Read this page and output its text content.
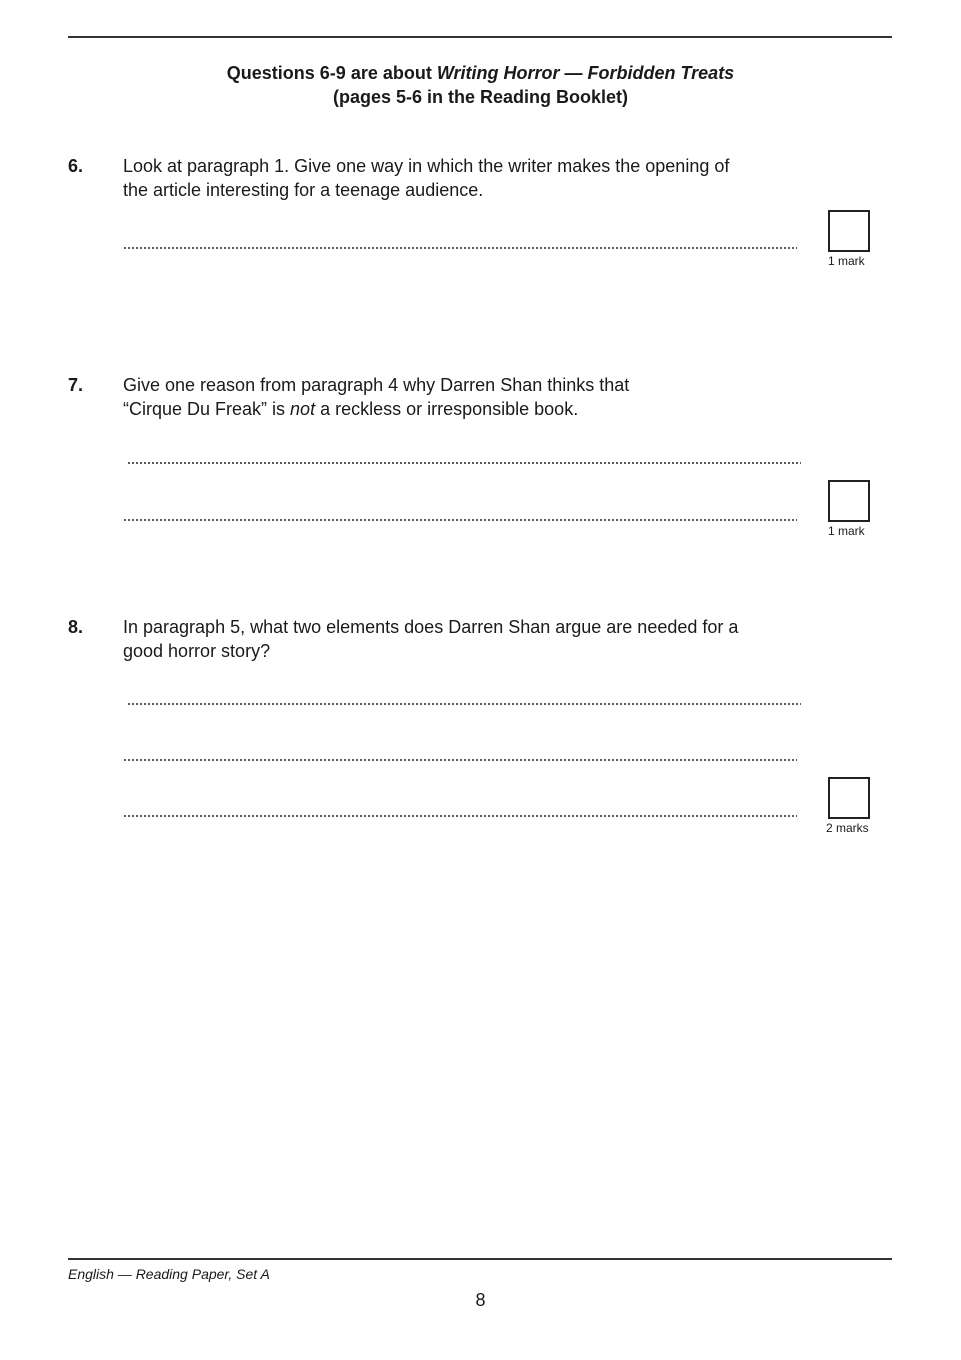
Questions 6-9 are about Writing Horror — Forbidden Treats
(pages 5-6 in the Reading Booklet)
6. Look at paragraph 1. Give one way in which the writer makes the opening of
the article interesting for a teenage audience.
1 mark
7. Give one reason from paragraph 4 why Darren Shan thinks that
“Cirque Du Freak” is not a reckless or irresponsible book.
1 mark
8. In paragraph 5, what two elements does Darren Shan argue are needed for a
good horror story?
2 marks
English — Reading Paper, Set A
8
